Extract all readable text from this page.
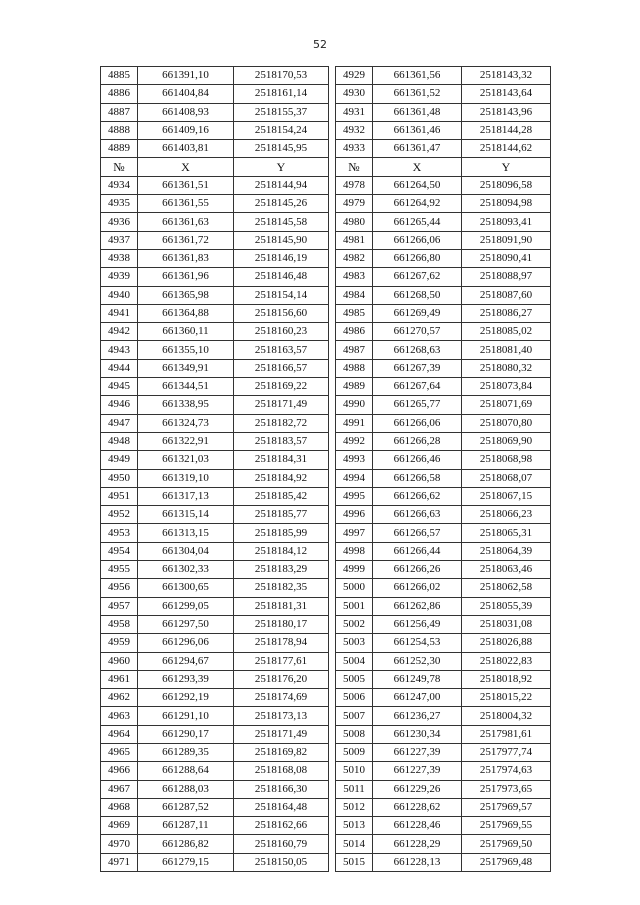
52
4885	661391,10	2518170,53		4929	661361,56	2518143,32
4886	661404,84	2518161,14		4930	661361,52	2518143,64
4887	661408,93	2518155,37		4931	661361,48	2518143,96
4888	661409,16	2518154,24		4932	661361,46	2518144,28
4889	661403,81	2518145,95		4933	661361,47	2518144,62
№	X	Y		№	X	Y
4934	661361,51	2518144,94		4978	661264,50	2518096,58
4935	661361,55	2518145,26		4979	661264,92	2518094,98
4936	661361,63	2518145,58		4980	661265,44	2518093,41
4937	661361,72	2518145,90		4981	661266,06	2518091,90
4938	661361,83	2518146,19		4982	661266,80	2518090,41
4939	661361,96	2518146,48		4983	661267,62	2518088,97
4940	661365,98	2518154,14		4984	661268,50	2518087,60
4941	661364,88	2518156,60		4985	661269,49	2518086,27
4942	661360,11	2518160,23		4986	661270,57	2518085,02
4943	661355,10	2518163,57		4987	661268,63	2518081,40
4944	661349,91	2518166,57		4988	661267,39	2518080,32
4945	661344,51	2518169,22		4989	661267,64	2518073,84
4946	661338,95	2518171,49		4990	661265,77	2518071,69
4947	661324,73	2518182,72		4991	661266,06	2518070,80
4948	661322,91	2518183,57		4992	661266,28	2518069,90
4949	661321,03	2518184,31		4993	661266,46	2518068,98
4950	661319,10	2518184,92		4994	661266,58	2518068,07
4951	661317,13	2518185,42		4995	661266,62	2518067,15
4952	661315,14	2518185,77		4996	661266,63	2518066,23
4953	661313,15	2518185,99		4997	661266,57	2518065,31
4954	661304,04	2518184,12		4998	661266,44	2518064,39
4955	661302,33	2518183,29		4999	661266,26	2518063,46
4956	661300,65	2518182,35		5000	661266,02	2518062,58
4957	661299,05	2518181,31		5001	661262,86	2518055,39
4958	661297,50	2518180,17		5002	661256,49	2518031,08
4959	661296,06	2518178,94		5003	661254,53	2518026,88
4960	661294,67	2518177,61		5004	661252,30	2518022,83
4961	661293,39	2518176,20		5005	661249,78	2518018,92
4962	661292,19	2518174,69		5006	661247,00	2518015,22
4963	661291,10	2518173,13		5007	661236,27	2518004,32
4964	661290,17	2518171,49		5008	661230,34	2517981,61
4965	661289,35	2518169,82		5009	661227,39	2517977,74
4966	661288,64	2518168,08		5010	661227,39	2517974,63
4967	661288,03	2518166,30		5011	661229,26	2517973,65
4968	661287,52	2518164,48		5012	661228,62	2517969,57
4969	661287,11	2518162,66		5013	661228,46	2517969,55
4970	661286,82	2518160,79		5014	661228,29	2517969,50
4971	661279,15	2518150,05		5015	661228,13	2517969,48
